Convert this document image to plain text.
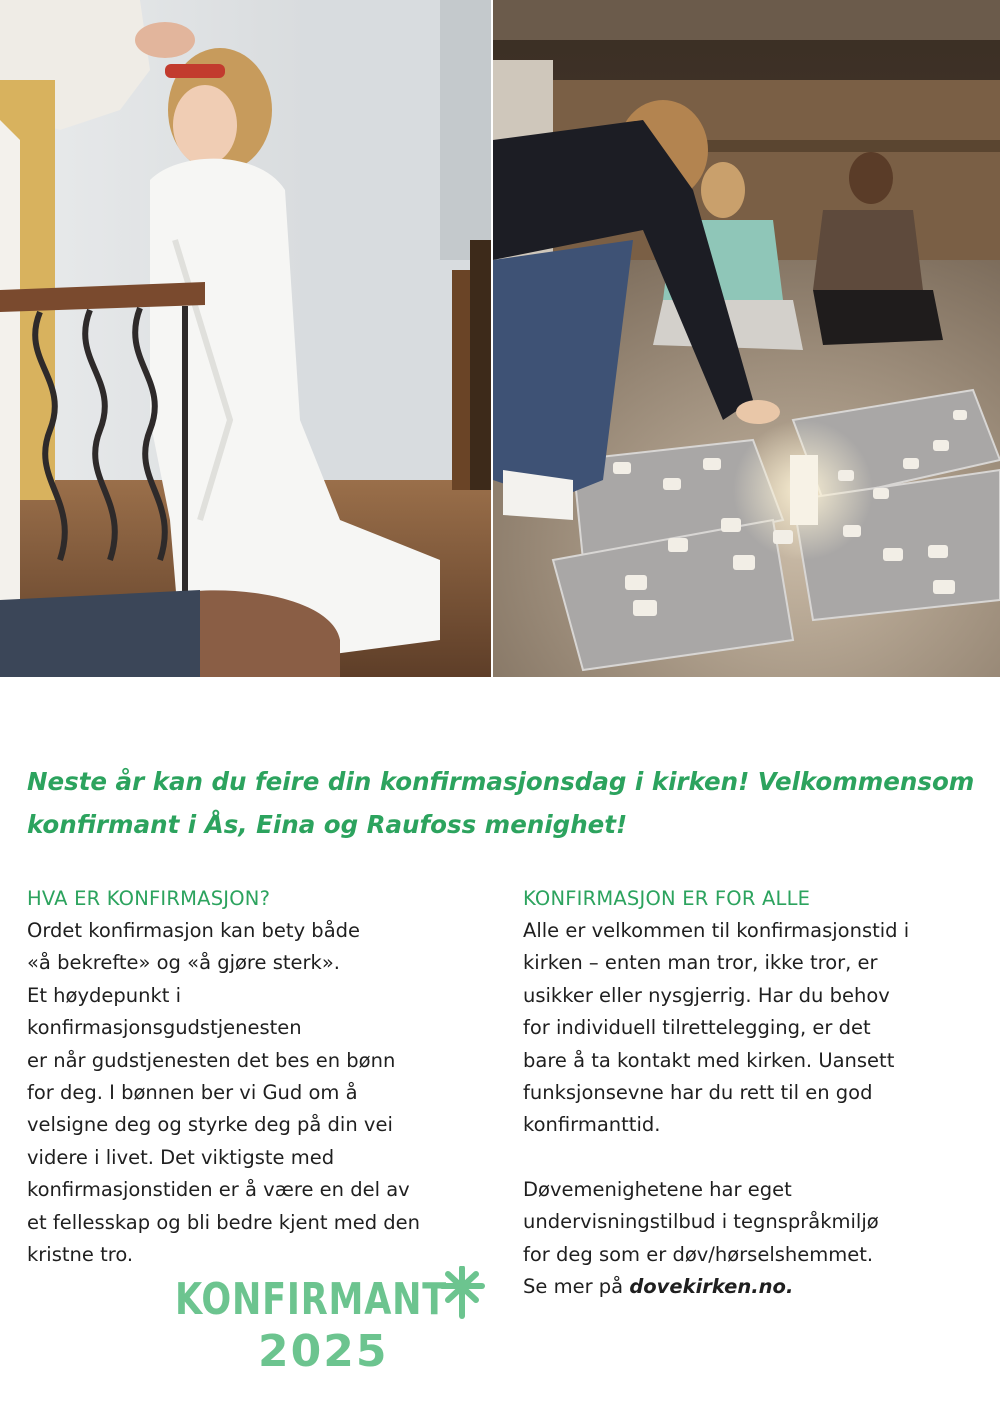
Neste år kan du feire din konfirmasjonsdag i kirken! Velkommensom
konfirmant i Ås, Eina og Raufoss menighet!
HVA ER KONFIRMASJON?

Ordet konfirmasjon kan bety både
«å bekrefte» og «å gjøre sterk».
Et høydepunkt i
konfirmasjonsgudstjenesten
er når gudstjenesten det bes en bønn
for deg. I bønnen ber vi Gud om å
velsigne deg og styrke deg på din vei
videre i livet. Det viktigste med
konfirmasjonstiden er å være en del av
et fellesskap og bli bedre kjent med den
kristne tro.

KONFIRMASJON ER FOR ALLE

Alle er velkommen til konfirmasjonstid i
kirken – enten man tror, ikke tror, er
usikker eller nysgjerrig. Har du behov
for individuell tilrettelegging, er det
bare å ta kontakt med kirken. Uansett
funksjonsevne har du rett til en god
konfirmanttid.

Døvemenighetene har eget
undervisningstilbud i tegnspråkmiljø
for deg som er døv/hørselshemmet.
Se mer på dovekirken.no.

KONFIRMANT
2025
